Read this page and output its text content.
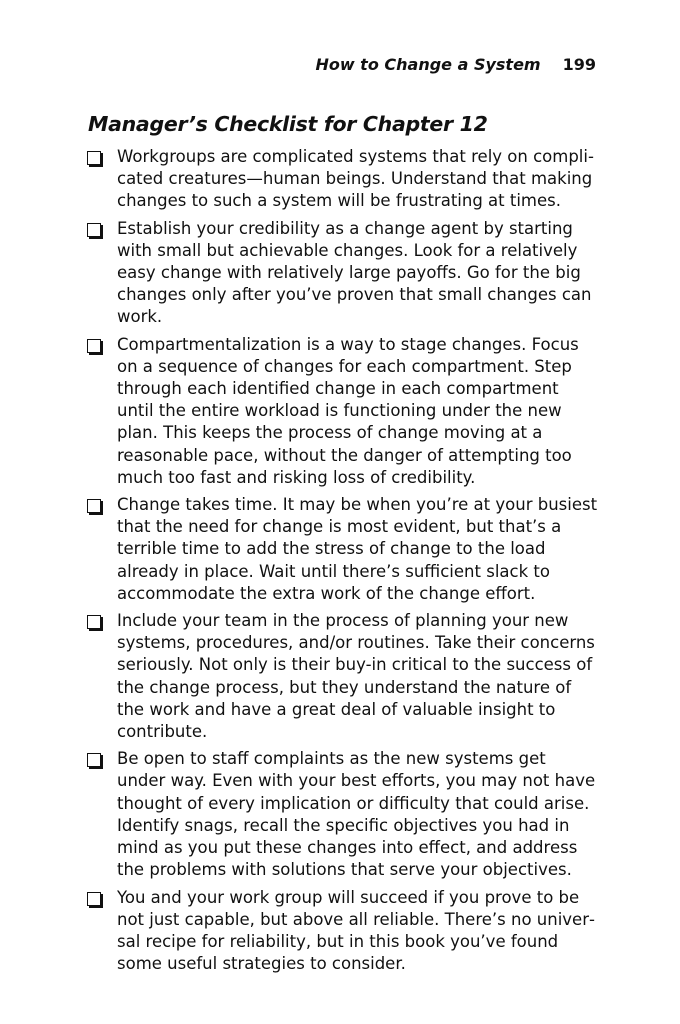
How to Change a System 199
Manager’s Checklist for Chapter 12
Workgroups are complicated systems that rely on complicated creatures—human beings. Understand that making changes to such a system will be frustrating at times.
Establish your credibility as a change agent by starting with small but achievable changes. Look for a relatively easy change with relatively large payoffs. Go for the big changes only after you’ve proven that small changes can work.
Compartmentalization is a way to stage changes. Focus on a sequence of changes for each compartment. Step through each identified change in each compartment until the entire workload is functioning under the new plan. This keeps the process of change moving at a reasonable pace, without the danger of attempting too much too fast and risking loss of credibility.
Change takes time. It may be when you’re at your busiest that the need for change is most evident, but that’s a terrible time to add the stress of change to the load already in place. Wait until there’s sufficient slack to accommodate the extra work of the change effort.
Include your team in the process of planning your new systems, procedures, and/or routines. Take their concerns seriously. Not only is their buy-in critical to the success of the change process, but they understand the nature of the work and have a great deal of valuable insight to contribute.
Be open to staff complaints as the new systems get under way. Even with your best efforts, you may not have thought of every implication or difficulty that could arise. Identify snags, recall the specific objectives you had in mind as you put these changes into effect, and address the problems with solutions that serve your objectives.
You and your work group will succeed if you prove to be not just capable, but above all reliable. There’s no universal recipe for reliability, but in this book you’ve found some useful strategies to consider.
